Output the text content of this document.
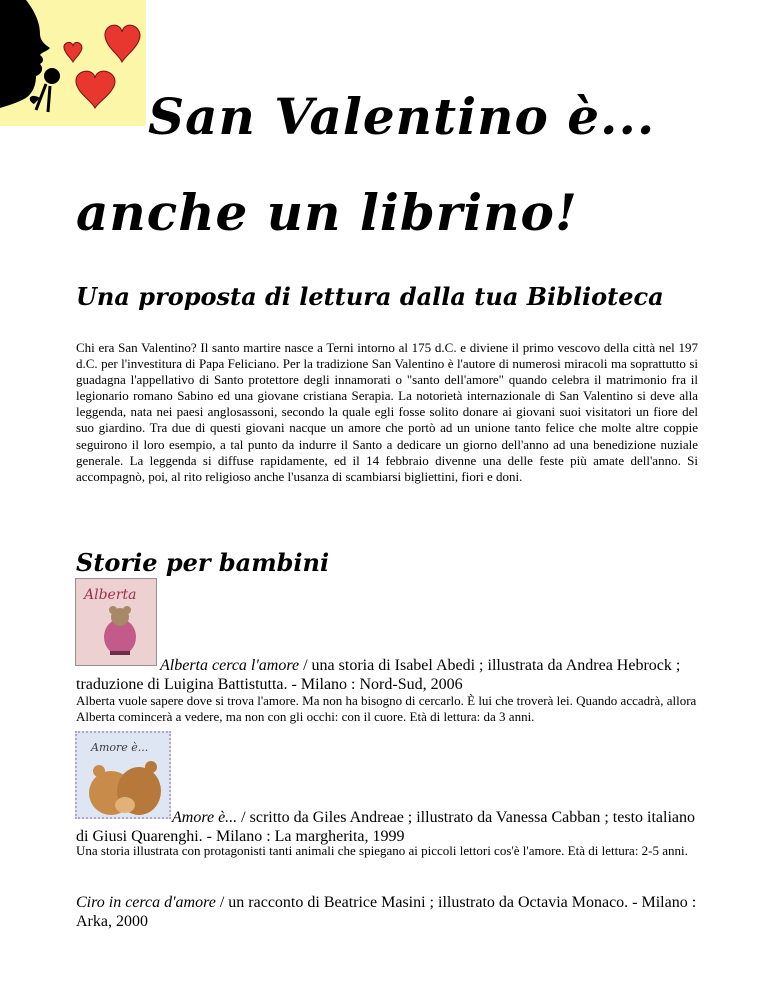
San Valentino è...
anche un librino!
Una proposta di lettura dalla tua Biblioteca

Chi era San Valentino? Il santo martire nasce a Terni intorno al 175 d.C. e diviene il primo vescovo della città nel 197 d.C. per l'investitura di Papa Feliciano. Per la tradizione San Valentino è l'autore di numerosi miracoli ma soprattutto si guadagna l'appellativo di Santo protettore degli innamorati o "santo dell'amore" quando celebra il matrimonio fra il legionario romano Sabino ed una giovane cristiana Serapia. La notorietà internazionale di San Valentino si deve alla leggenda, nata nei paesi anglosassoni, secondo la quale egli fosse solito donare ai giovani suoi visitatori un fiore del suo giardino. Tra due di questi giovani nacque un amore che portò ad un unione tanto felice che molte altre coppie seguirono il loro esempio, a tal punto da indurre il Santo a dedicare un giorno dell'anno ad una benedizione nuziale generale. La leggenda si diffuse rapidamente, ed il 14 febbraio divenne una delle feste più amate dell'anno. Si accompagnò, poi, al rito religioso anche l'usanza di scambiarsi bigliettini, fiori e doni.

Storie per bambini
Alberta

Alberta cerca l'amore / una storia di Isabel Abedi ; illustrata da Andrea Hebrock ; traduzione di Luigina Battistutta. - Milano : Nord-Sud, 2006

Alberta vuole sapere dove si trova l'amore. Ma non ha bisogno di cercarlo. È lui che troverà lei. Quando accadrà, allora Alberta comincerà a vedere, ma non con gli occhi: con il cuore. Età di lettura: da 3 anni.

Amore è...

Amore è... / scritto da Giles Andreae ; illustrato da Vanessa Cabban ; testo italiano di Giusi Quarenghi. - Milano : La margherita, 1999

Una storia illustrata con protagonisti tanti animali che spiegano ai piccoli lettori cos'è l'amore. Età di lettura: 2-5 anni.

Ciro in cerca d'amore / un racconto di Beatrice Masini ; illustrato da Octavia Monaco. - Milano : Arka, 2000
